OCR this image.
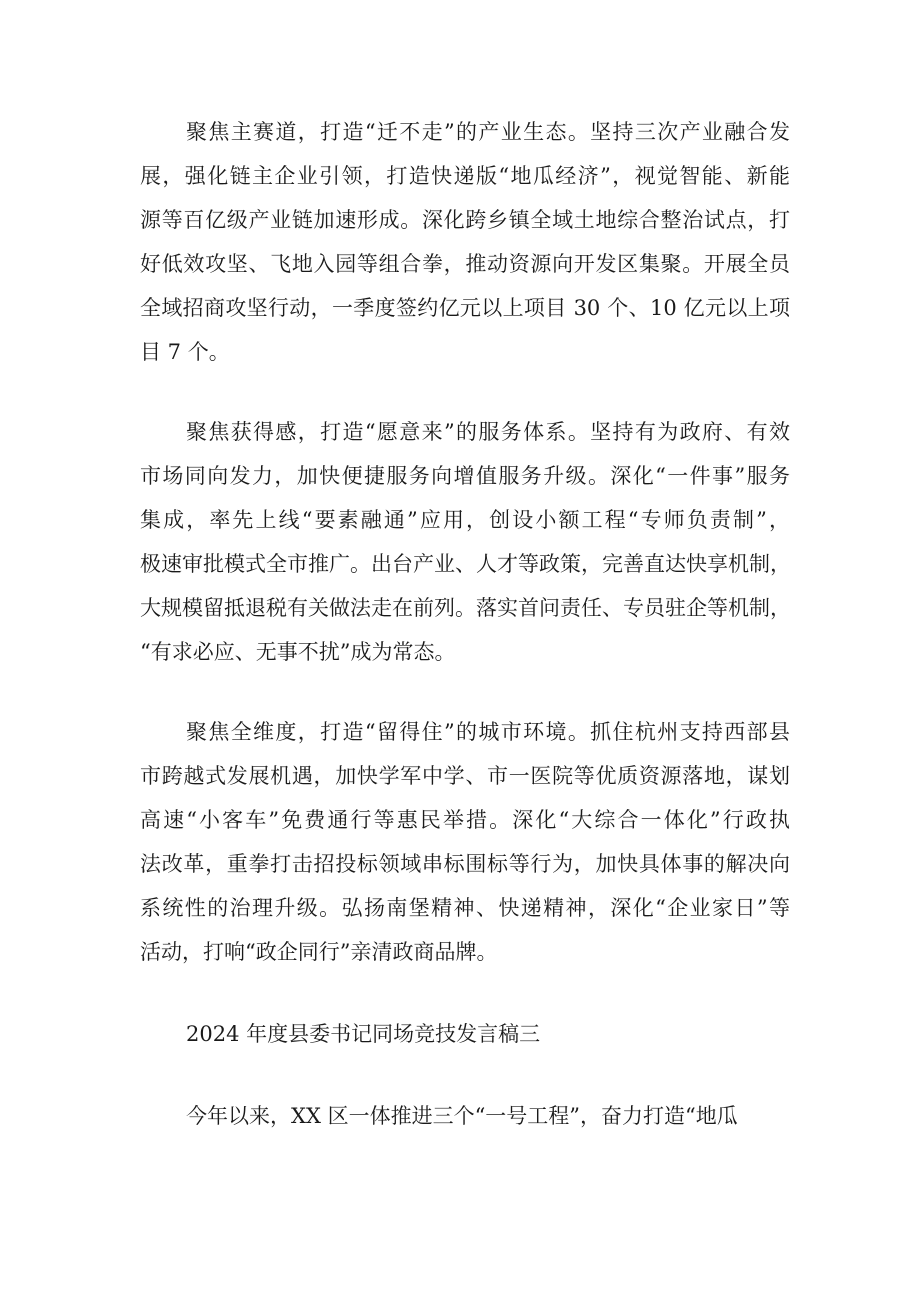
聚焦主赛道，打造“迁不走”的产业生态。坚持三次产业融合发
展，强化链主企业引领，打造快递版“地瓜经济”，视觉智能、新能
源等百亿级产业链加速形成。深化跨乡镇全域土地综合整治试点，打
好低效攻坚、飞地入园等组合拳，推动资源向开发区集聚。开展全员
全域招商攻坚行动，一季度签约亿元以上项目 30 个、10 亿元以上项
目 7 个。
聚焦获得感，打造“愿意来”的服务体系。坚持有为政府、有效
市场同向发力，加快便捷服务向增值服务升级。深化“一件事”服务
集成，率先上线“要素融通”应用，创设小额工程“专师负责制”，
极速审批模式全市推广。出台产业、人才等政策，完善直达快享机制，
大规模留抵退税有关做法走在前列。落实首问责任、专员驻企等机制，
“有求必应、无事不扰”成为常态。
聚焦全维度，打造“留得住”的城市环境。抓住杭州支持西部县
市跨越式发展机遇，加快学军中学、市一医院等优质资源落地，谋划
高速“小客车”免费通行等惠民举措。深化“大综合一体化”行政执
法改革，重拳打击招投标领域串标围标等行为，加快具体事的解决向
系统性的治理升级。弘扬南堡精神、快递精神，深化“企业家日”等
活动，打响“政企同行”亲清政商品牌。

2024 年度县委书记同场竞技发言稿三

今年以来，XX 区一体推进三个“一号工程”，奋力打造“地瓜
